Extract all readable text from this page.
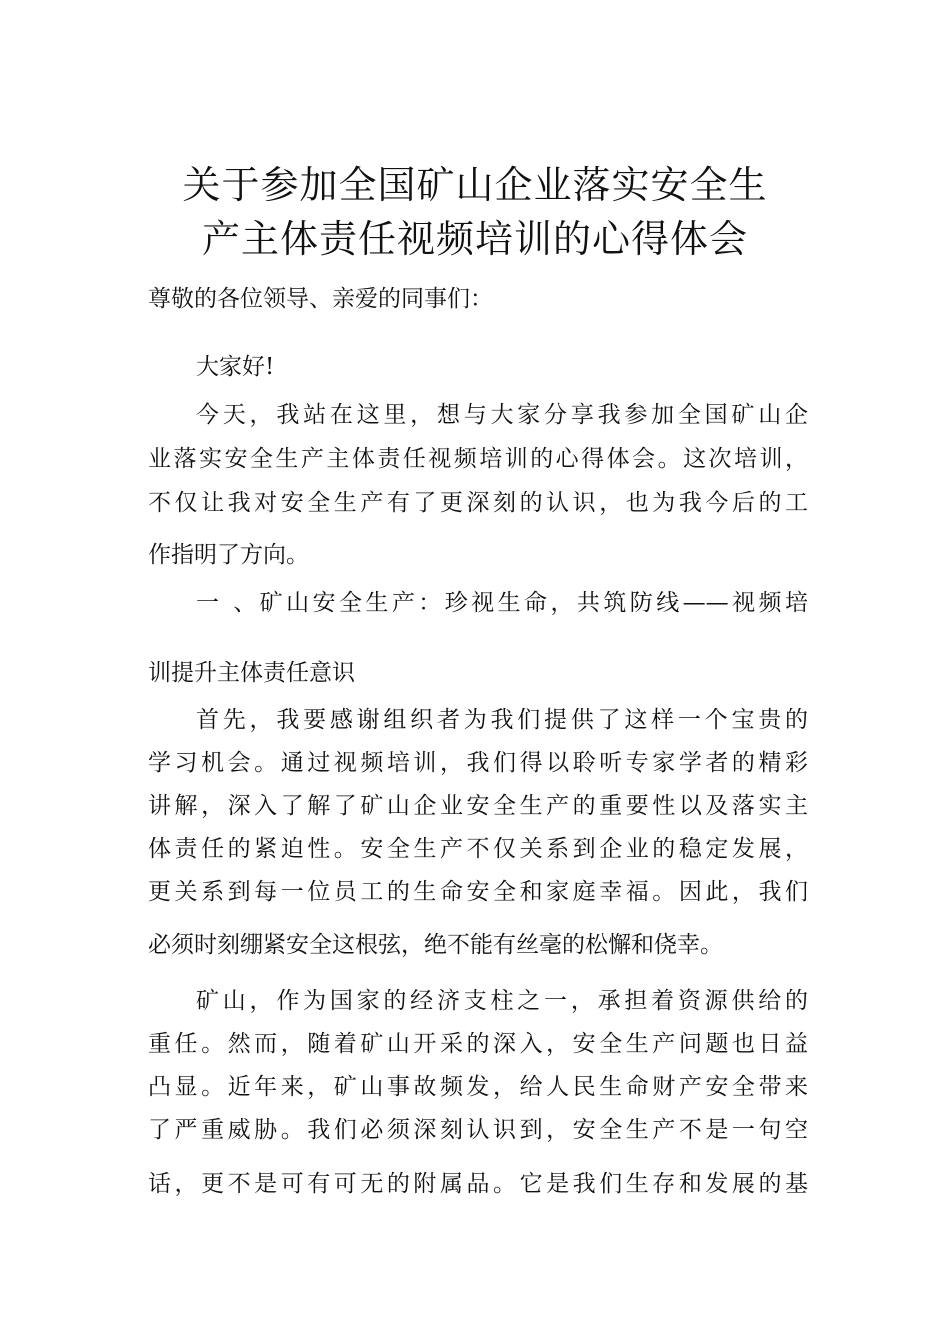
关于参加全国矿山企业落实安全生
产主体责任视频培训的心得体会
尊敬的各位领导、亲爱的同事们：
大家好!
今天，我站在这里，想与大家分享我参加全国矿山企
业落实安全生产主体责任视频培训的心得体会。这次培训，
不仅让我对安全生产有了更深刻的认识，也为我今后的工
作指明了方向。
一 、矿山安全生产：珍视生命，共筑防线——视频培
训提升主体责任意识
首先，我要感谢组织者为我们提供了这样一个宝贵的
学习机会。通过视频培训，我们得以聆听专家学者的精彩
讲解，深入了解了矿山企业安全生产的重要性以及落实主
体责任的紧迫性。安全生产不仅关系到企业的稳定发展，
更关系到每一位员工的生命安全和家庭幸福。因此，我们
必须时刻绷紧安全这根弦，绝不能有丝毫的松懈和侥幸。
矿山，作为国家的经济支柱之一，承担着资源供给的
重任。然而，随着矿山开采的深入，安全生产问题也日益
凸显。近年来，矿山事故频发，给人民生命财产安全带来
了严重威胁。我们必须深刻认识到，安全生产不是一句空
话，更不是可有可无的附属品。它是我们生存和发展的基
